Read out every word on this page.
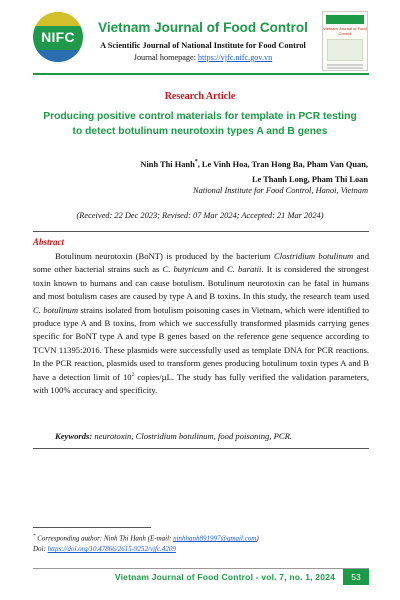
NIFC
Vietnam Journal of Food Control
A Scientific Journal of National Institute for Food Control
Journal homepage: https://vjfc.nifc.gov.vn
Vietnam Journal of Food Control
Research Article
Producing positive control materials for template in PCR testing to detect botulinum neurotoxin types A and B genes
Ninh Thi Hanh*, Le Vinh Hoa, Tran Hong Ba, Pham Van Quan,
Le Thanh Long, Pham Thi Loan
National Institute for Food Control, Hanoi, Vietnam
(Received: 22 Dec 2023; Revised: 07 Mar 2024; Accepted: 21 Mar 2024)
Abstract

Botulinum neurotoxin (BoNT) is produced by the bacterium Clostridium botulinum and some other bacterial strains such as C. butyricum and C. baratii. It is considered the strongest toxin known to humans and can cause botulism. Botulinum neurotoxin can be fatal in humans and most botulism cases are caused by type A and B toxins. In this study, the research team used C. botulinum strains isolated from botulism poisoning cases in Vietnam, which were identified to produce type A and B toxins, from which we successfully transformed plasmids carrying genes specific for BoNT type A and type B genes based on the reference gene sequence according to TCVN 11395:2016. These plasmids were successfully used as template DNA for PCR reactions. In the PCR reaction, plasmids used to transform genes producing botulinum toxin types A and B have a detection limit of $10^2$ copies/µL. The study has fully verified the validation parameters, with 100% accuracy and specificity.

Keywords: neurotoxin, Clostridium botulinum, food poisoning, PCR.
* Corresponding author: Ninh Thi Hanh (E-mail: ninhhanh891997@gmail.com)
Doi: https://doi.org/10.47866/2615-9252/vjfc.4209
Vietnam Journal of Food Control - vol. 7, no. 1, 2024	53
